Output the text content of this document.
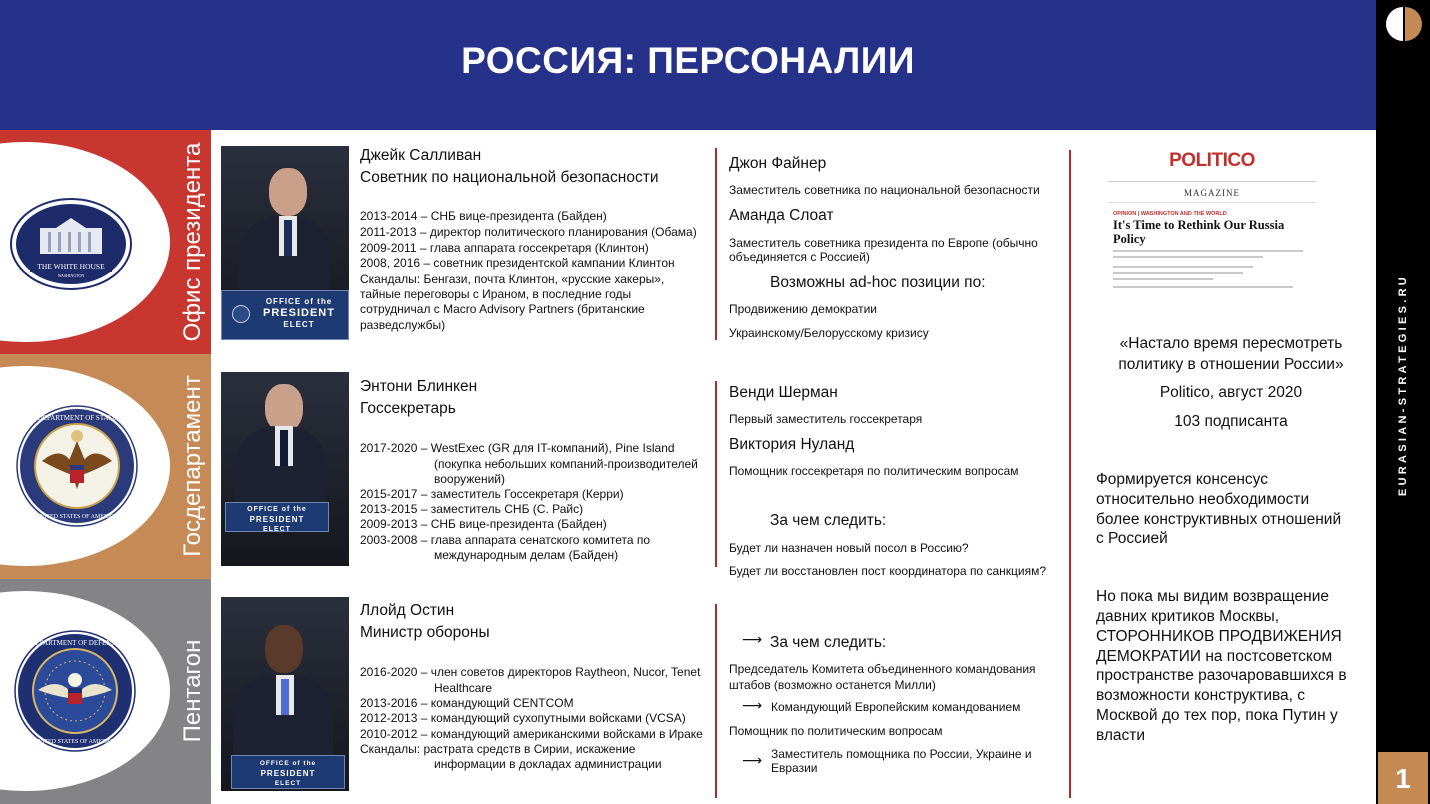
РОССИЯ: ПЕРСОНАЛИИ
EURASIAN-STRATEGIES.RU
1
Офис президента
Госдепартамент
Пентагон
THE WHITE HOUSE
WASHINGTON
DEPARTMENT OF STATE
UNITED STATES OF AMERICA
DEPARTMENT OF DEFENSE
UNITED STATES OF AMERICA
OFFICE of the
PRESIDENT
ELECT
OFFICE of the
PRESIDENT
ELECT
OFFICE of the
PRESIDENT
ELECT
Джейк Салливан
Советник по национальной безопасности
2013-2014 – СНБ вице-президента (Байден)
2011-2013 – директор политического планирования (Обама)
2009-2011 – глава аппарата госсекретаря (Клинтон)
2008, 2016 – советник президентской кампании Клинтон
Скандалы: Бенгази, почта Клинтон, «русские хакеры»,
тайные переговоры с Ираном, в последние годы
сотрудничал с Macro Advisory Partners (британские
разведслужбы)
Энтони Блинкен
Госсекретарь
2017-2020 – WestExec (GR для IT-компаний), Pine Island
(покупка небольших компаний-производителей
вооружений)
2015-2017 – заместитель Госсекретаря (Керри)
2013-2015 – заместитель СНБ (С. Райс)
2009-2013 – СНБ вице-президента (Байден)
2003-2008 – глава аппарата сенатского комитета по
международным делам (Байден)
Ллойд Остин
Министр обороны
2016-2020 – член советов директоров Raytheon, Nucor, Tenet
Healthcare
2013-2016 – командующий CENTCOM
2012-2013 – командующий сухопутными войсками (VCSA)
2010-2012 – командующий американскими войсками в Ираке
Скандалы: растрата средств в Сирии, искажение
информации в докладах администрации
Джон Файнер
Заместитель советника по национальной безопасности
Аманда Слоат
Заместитель советника президента по Европе (обычно
объединяется с Россией)
Возможны ad-hoc позиции по:
Продвижению демократии
Украинскому/Белорусскому кризису
Венди Шерман
Первый заместитель госсекретаря
Виктория Нуланд
Помощник госсекретаря по политическим вопросам
За чем следить:
Будет ли назначен новый посол в Россию?
Будет ли восстановлен пост координатора по санкциям?
За чем следить:
⟶
Председатель Комитета объединенного командования
штабов (возможно останется Милли)
⟶ Командующий Европейским командованием
Помощник по политическим вопросам
⟶ Заместитель помощника по России, Украине и
Евразии
POLITICO
MAGAZINE
OPINION | WASHINGTON AND THE WORLD
It's Time to Rethink Our Russia
Policy
«Настало время пересмотреть
политику в отношении России»
Politico, август 2020
103 подписанта
Формируется консенсус
относительно необходимости
более конструктивных отношений
с Россией
Но пока мы видим возвращение
давних критиков Москвы,
СТОРОННИКОВ ПРОДВИЖЕНИЯ
ДЕМОКРАТИИ на постсоветском
пространстве разочаровавшихся в
возможности конструктива, с
Москвой до тех пор, пока Путин у
власти
